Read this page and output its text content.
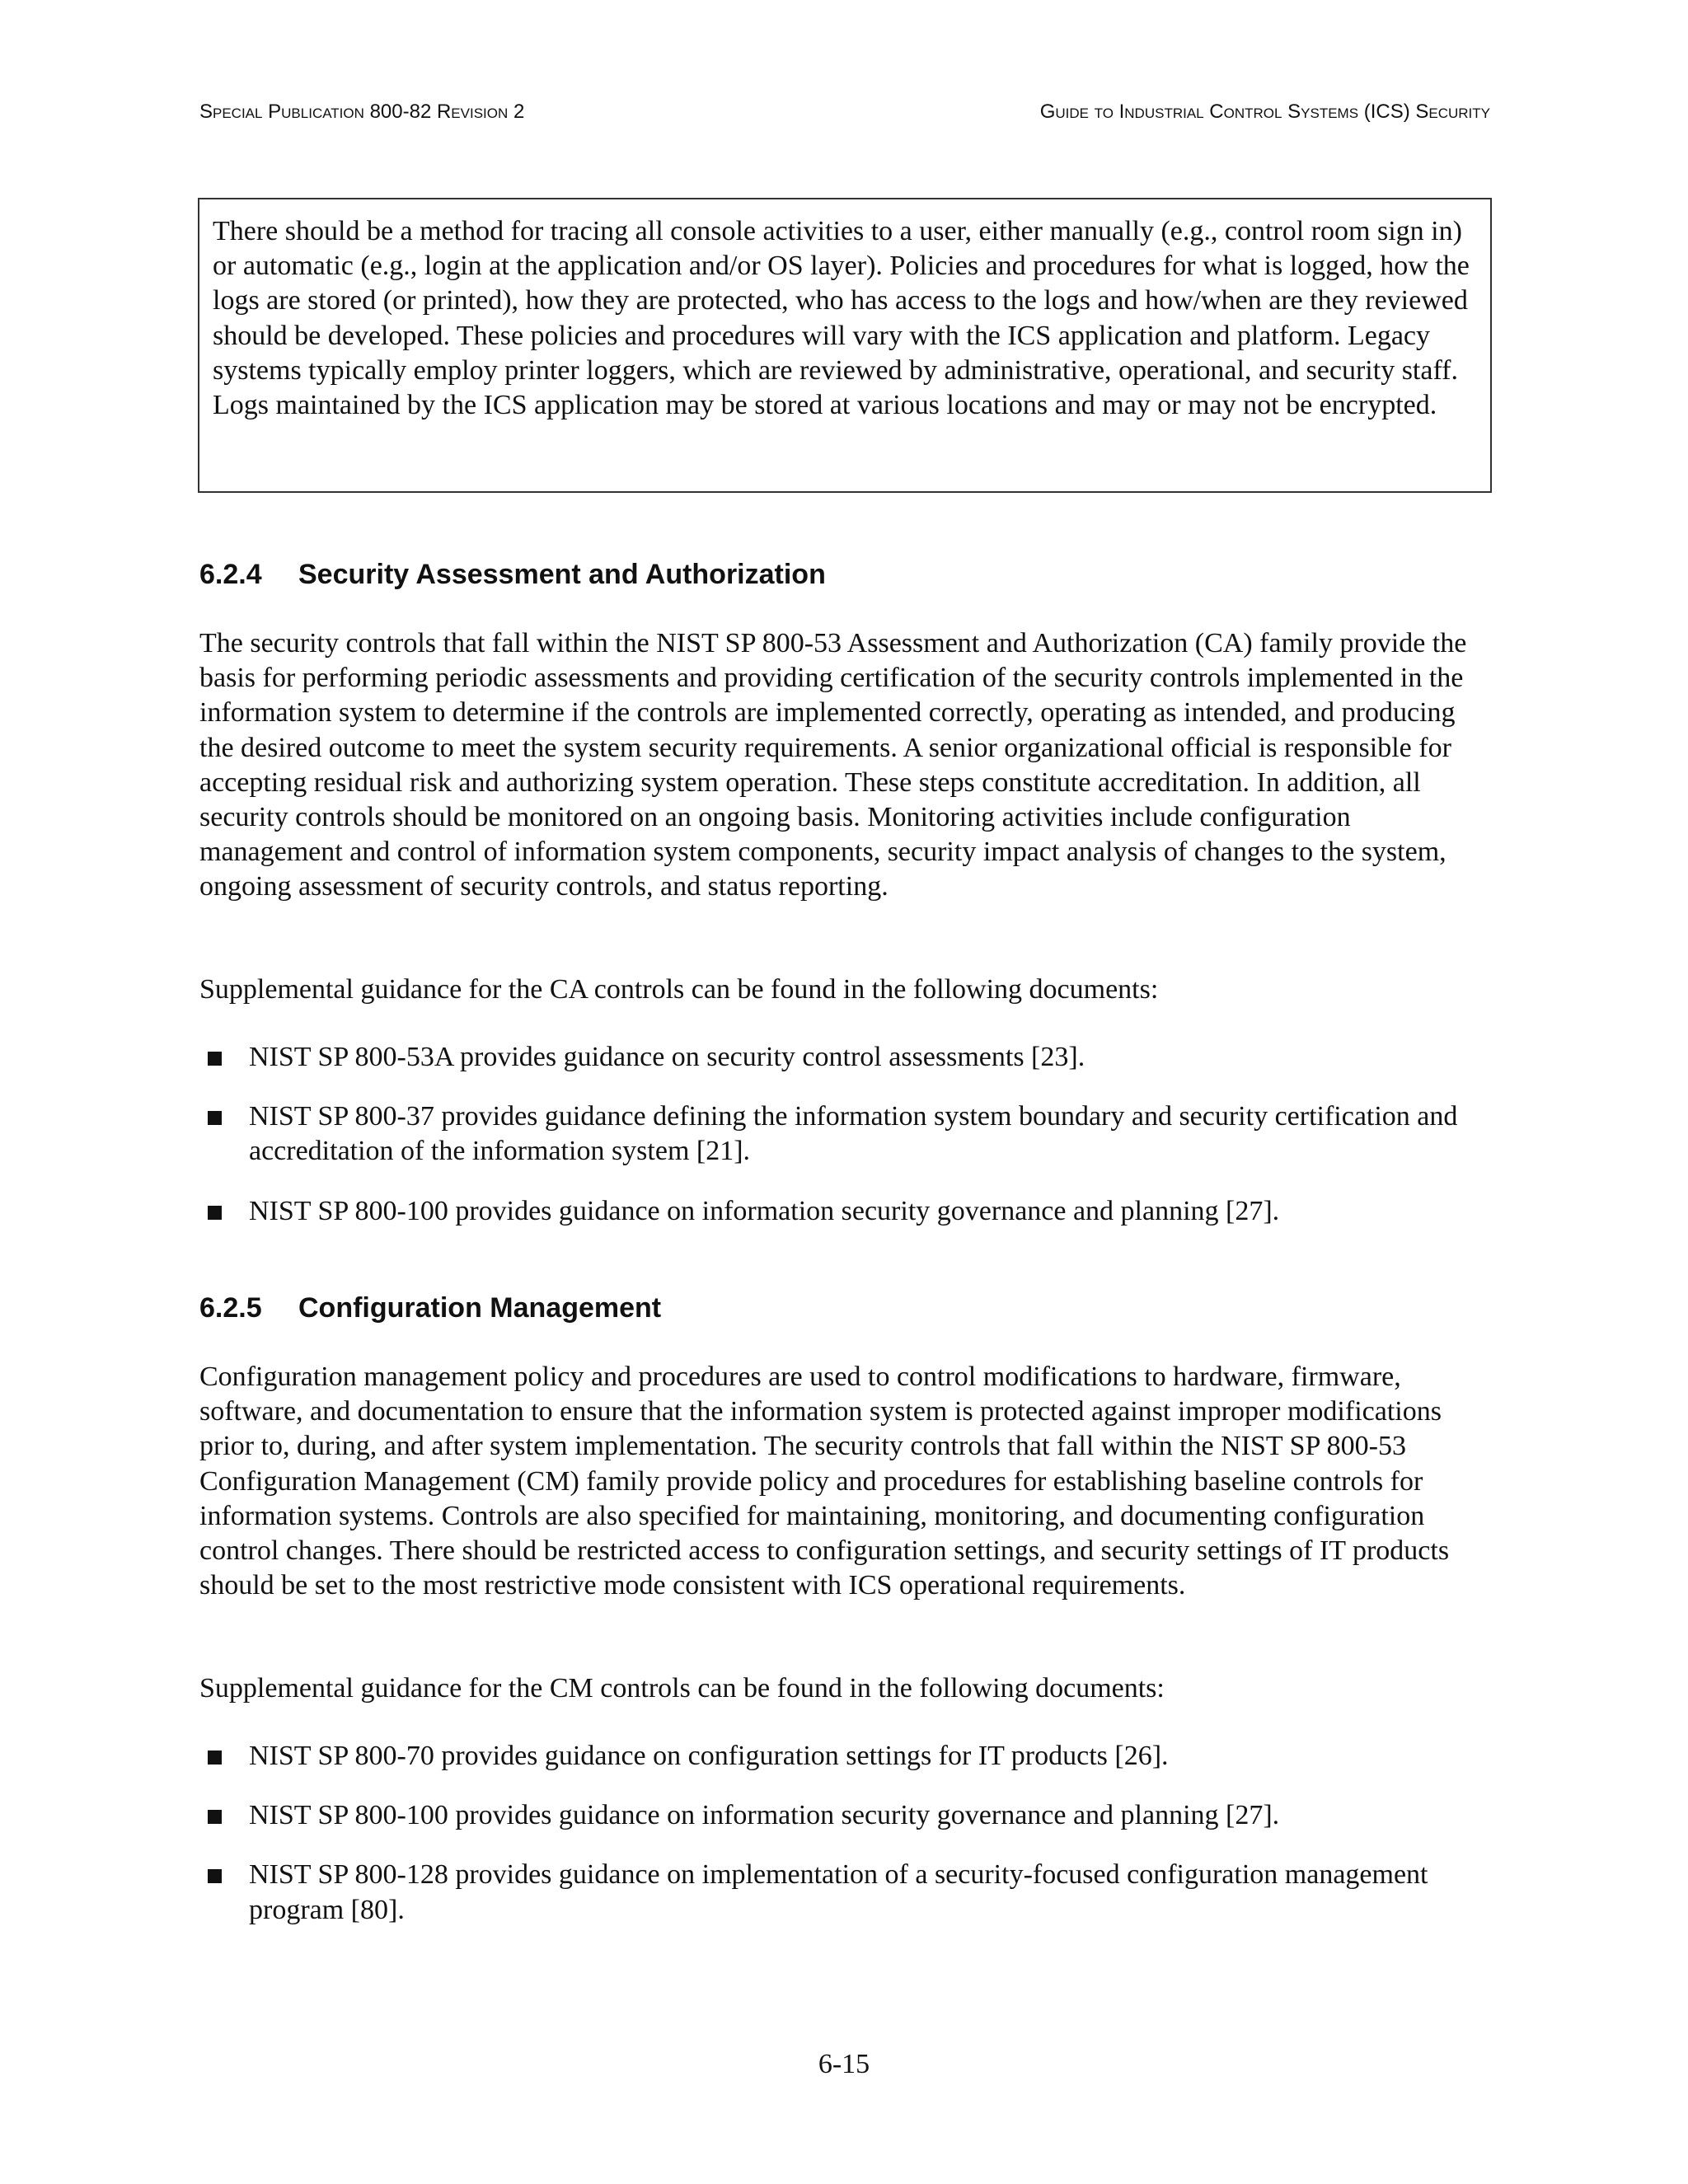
Special Publication 800-82 Revision 2	Guide to Industrial Control Systems (ICS) Security

There should be a method for tracing all console activities to a user, either manually (e.g., control room sign in) or automatic (e.g., login at the application and/or OS layer). Policies and procedures for what is logged, how the logs are stored (or printed), how they are protected, who has access to the logs and how/when are they reviewed should be developed. These policies and procedures will vary with the ICS application and platform. Legacy systems typically employ printer loggers, which are reviewed by administrative, operational, and security staff. Logs maintained by the ICS application may be stored at various locations and may or may not be encrypted.

6.2.4	Security Assessment and Authorization

The security controls that fall within the NIST SP 800-53 Assessment and Authorization (CA) family provide the basis for performing periodic assessments and providing certification of the security controls implemented in the information system to determine if the controls are implemented correctly, operating as intended, and producing the desired outcome to meet the system security requirements. A senior organizational official is responsible for accepting residual risk and authorizing system operation. These steps constitute accreditation. In addition, all security controls should be monitored on an ongoing basis. Monitoring activities include configuration management and control of information system components, security impact analysis of changes to the system, ongoing assessment of security controls, and status reporting.

Supplemental guidance for the CA controls can be found in the following documents:

NIST SP 800-53A provides guidance on security control assessments [23].
NIST SP 800-37 provides guidance defining the information system boundary and security certification and accreditation of the information system [21].
NIST SP 800-100 provides guidance on information security governance and planning [27].
6.2.5	Configuration Management

Configuration management policy and procedures are used to control modifications to hardware, firmware, software, and documentation to ensure that the information system is protected against improper modifications prior to, during, and after system implementation. The security controls that fall within the NIST SP 800-53 Configuration Management (CM) family provide policy and procedures for establishing baseline controls for information systems. Controls are also specified for maintaining, monitoring, and documenting configuration control changes. There should be restricted access to configuration settings, and security settings of IT products should be set to the most restrictive mode consistent with ICS operational requirements.

Supplemental guidance for the CM controls can be found in the following documents:

NIST SP 800-70 provides guidance on configuration settings for IT products [26].
NIST SP 800-100 provides guidance on information security governance and planning [27].
NIST SP 800-128 provides guidance on implementation of a security-focused configuration management program [80].
6-15
